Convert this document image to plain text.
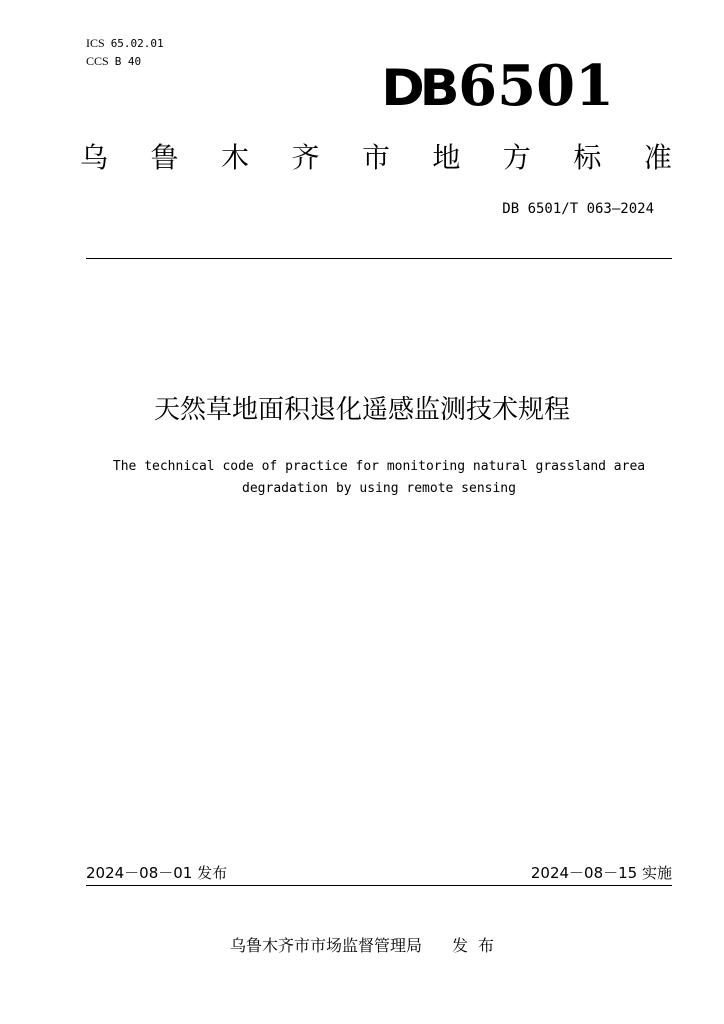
ICS 65.02.01
CCS B 40	DB6501
乌 鲁 木 齐 市 地 方 标 准
DB 6501/T 063—2024
天然草地面积退化遥感监测技术规程
The technical code of practice for monitoring natural grassland area
degradation by using remote sensing
2024－08－01 发布	2024－08－15 实施
乌鲁木齐市市场监督管理局 发布
